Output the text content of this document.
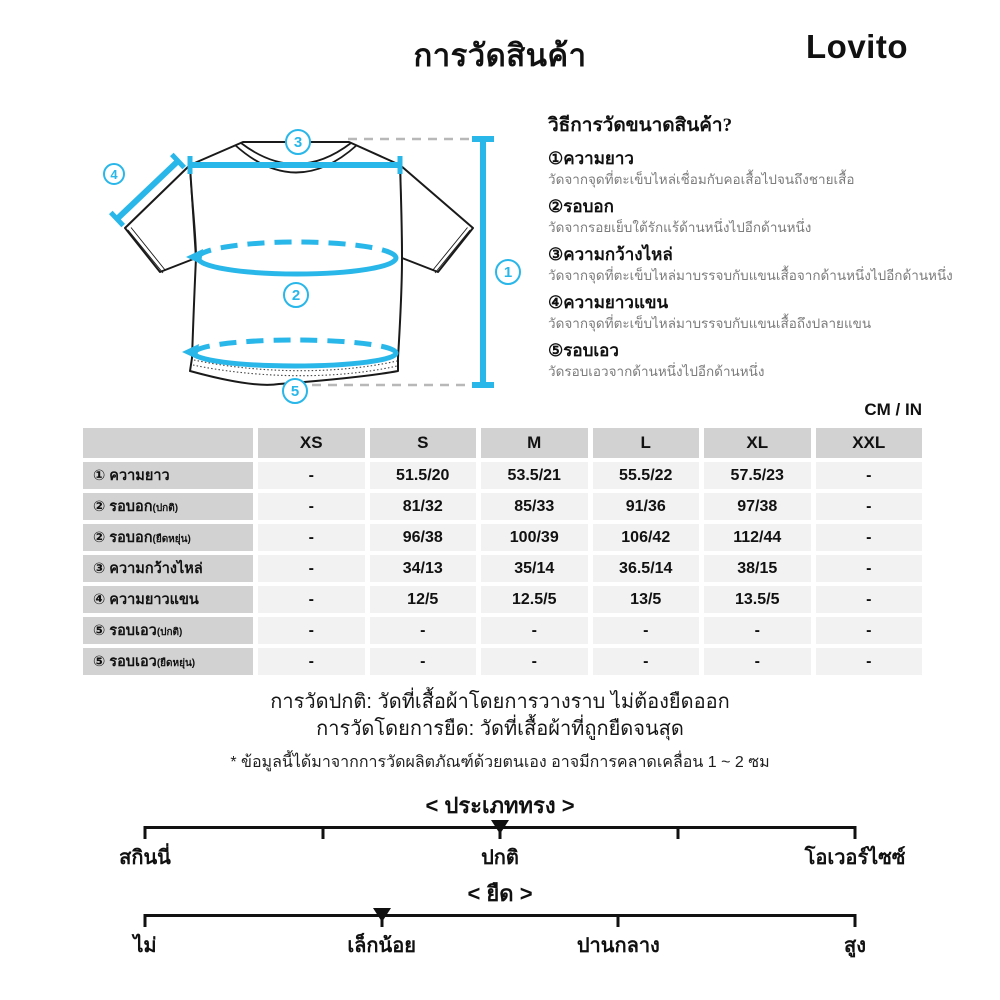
การวัดสินค้า	Lovito
3
4
1
2
5
วิธีการวัดขนาดสินค้า?
①ความยาว
วัดจากจุดที่ตะเข็บไหล่เชื่อมกับคอเสื้อไปจนถึงชายเสื้อ
②รอบอก
วัดจากรอยเย็บใต้รักแร้ด้านหนึ่งไปอีกด้านหนึ่ง
③ความกว้างไหล่
วัดจากจุดที่ตะเข็บไหล่มาบรรจบกับแขนเสื้อจากด้านหนึ่งไปอีกด้านหนึ่ง
④ความยาวแขน
วัดจากจุดที่ตะเข็บไหล่มาบรรจบกับแขนเสื้อถึงปลายแขน
⑤รอบเอว
วัดรอบเอวจากด้านหนึ่งไปอีกด้านหนึ่ง
CM / IN
XS	S	M	L	XL	XXL
① ความยาว	-	51.5/20	53.5/21	55.5/22	57.5/23	-
② รอบอก (ปกติ)	-	81/32	85/33	91/36	97/38	-
② รอบอก (ยืดหยุ่น)	-	96/38	100/39	106/42	112/44	-
③ ความกว้างไหล่	-	34/13	35/14	36.5/14	38/15	-
④ ความยาวแขน	-	12/5	12.5/5	13/5	13.5/5	-
⑤ รอบเอว (ปกติ)	-	-	-	-	-	-
⑤ รอบเอว (ยืดหยุ่น)	-	-	-	-	-	-
การวัดปกติ: วัดที่เสื้อผ้าโดยการวางราบ ไม่ต้องยืดออก
การวัดโดยการยืด: วัดที่เสื้อผ้าที่ถูกยืดจนสุด
* ข้อมูลนี้ได้มาจากการวัดผลิตภัณฑ์ด้วยตนเอง อาจมีการคลาดเคลื่อน 1 ~ 2 ซม
< ประเภททรง >
สกินนี่	ปกติ	โอเวอร์ไซซ์
< ยืด >
ไม่	เล็กน้อย	ปานกลาง	สูง
